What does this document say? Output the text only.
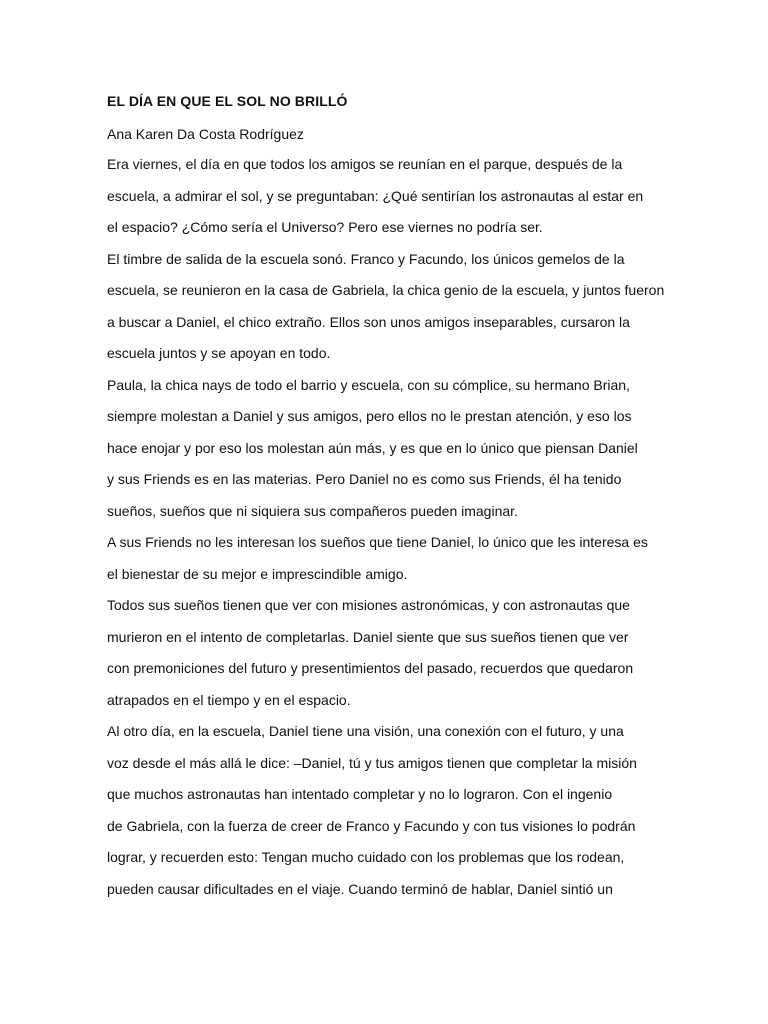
EL DÍA EN QUE EL SOL NO BRILLÓ
Ana Karen Da Costa Rodríguez
Era viernes, el día en que todos los amigos se reunían en el parque, después de la
escuela, a admirar el sol, y se preguntaban: ¿Qué sentirían los astronautas al estar en
el espacio? ¿Cómo sería el Universo? Pero ese viernes no podría ser.
El timbre de salida de la escuela sonó. Franco y Facundo, los únicos gemelos de la
escuela, se reunieron en la casa de Gabriela, la chica genio de la escuela, y juntos fueron
a buscar a Daniel, el chico extraño. Ellos son unos amigos inseparables, cursaron la
escuela juntos y se apoyan en todo.
Paula, la chica nays de todo el barrio y escuela, con su cómplice, su hermano Brian,
siempre molestan a Daniel y sus amigos, pero ellos no le prestan atención, y eso los
hace enojar y por eso los molestan aún más, y es que en lo único que piensan Daniel
y sus Friends es en las materias. Pero Daniel no es como sus Friends, él ha tenido
sueños, sueños que ni siquiera sus compañeros pueden imaginar.
A sus Friends no les interesan los sueños que tiene Daniel, lo único que les interesa es
el bienestar de su mejor e imprescindible amigo.
Todos sus sueños tienen que ver con misiones astronómicas, y con astronautas que
murieron en el intento de completarlas. Daniel siente que sus sueños tienen que ver
con premoniciones del futuro y presentimientos del pasado, recuerdos que quedaron
atrapados en el tiempo y en el espacio.
Al otro día, en la escuela, Daniel tiene una visión, una conexión con el futuro, y una
voz desde el más allá le dice: –Daniel, tú y tus amigos tienen que completar la misión
que muchos astronautas han intentado completar y no lo lograron. Con el ingenio
de Gabriela, con la fuerza de creer de Franco y Facundo y con tus visiones lo podrán
lograr, y recuerden esto: Tengan mucho cuidado con los problemas que los rodean,
pueden causar dificultades en el viaje. Cuando terminó de hablar, Daniel sintió un
